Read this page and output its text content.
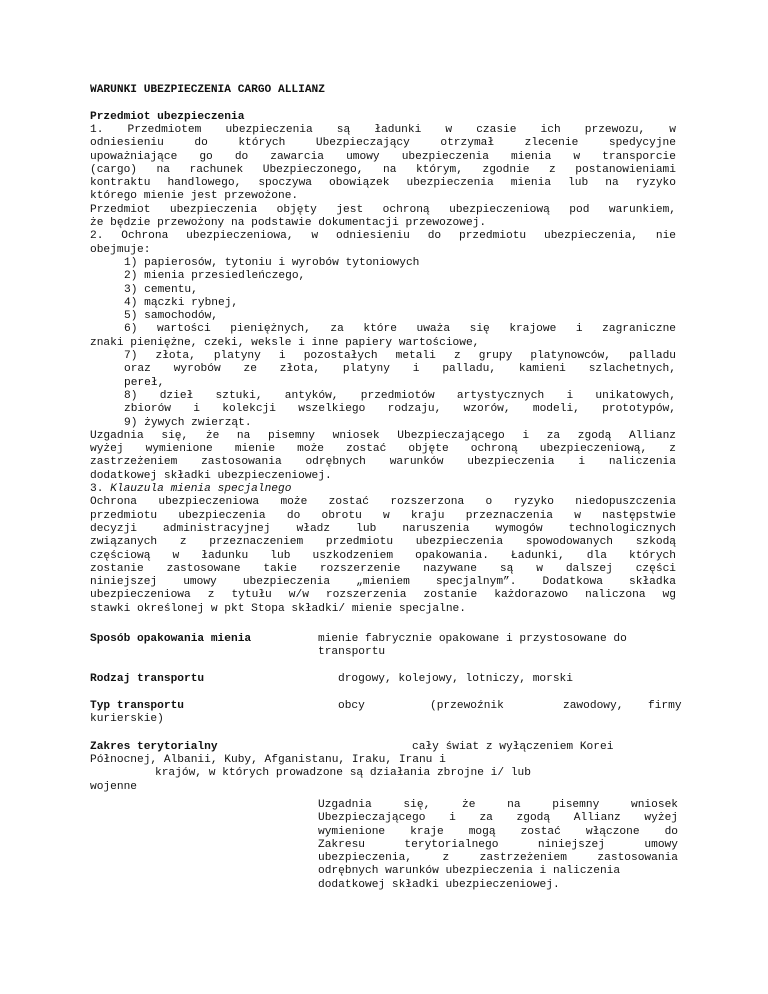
WARUNKI UBEZPIECZENIA CARGO ALLIANZ
Przedmiot ubezpieczenia
1. Przedmiotem ubezpieczenia są ładunki w czasie ich przewozu, w
odniesieniu do których Ubezpieczający otrzymał zlecenie spedycyjne
upoważniające go do zawarcia umowy ubezpieczenia mienia w transporcie
(cargo) na rachunek Ubezpieczonego, na którym, zgodnie z postanowieniami
kontraktu handlowego, spoczywa obowiązek ubezpieczenia mienia lub na ryzyko
którego mienie jest przewożone.
Przedmiot ubezpieczenia objęty jest ochroną ubezpieczeniową pod warunkiem,
że będzie przewożony na podstawie dokumentacji przewozowej.
2. Ochrona ubezpieczeniowa, w odniesieniu do przedmiotu ubezpieczenia, nie
obejmuje:
1) papierosów, tytoniu i wyrobów tytoniowych
2) mienia przesiedleńczego,
3) cementu,
4) mączki rybnej,
5) samochodów,
6) wartości pieniężnych, za które uważa się krajowe i zagraniczne
znaki pieniężne, czeki, weksle i inne papiery wartościowe,
7) złota, platyny i pozostałych metali z grupy platynowców, palladu
oraz wyrobów ze złota, platyny i palladu, kamieni szlachetnych,
pereł,
8) dzieł sztuki, antyków, przedmiotów artystycznych i unikatowych,
zbiorów i kolekcji wszelkiego rodzaju, wzorów, modeli, prototypów,
9) żywych zwierząt.
Uzgadnia się, że na pisemny wniosek Ubezpieczającego i za zgodą Allianz
wyżej wymienione mienie może zostać objęte ochroną ubezpieczeniową, z
zastrzeżeniem zastosowania odrębnych warunków ubezpieczenia i naliczenia
dodatkowej składki ubezpieczeniowej.
3. Klauzula mienia specjalnego
Ochrona ubezpieczeniowa może zostać rozszerzona o ryzyko niedopuszczenia
przedmiotu ubezpieczenia do obrotu w kraju przeznaczenia w następstwie
decyzji administracyjnej władz lub naruszenia wymogów technologicznych
związanych z przeznaczeniem przedmiotu ubezpieczenia spowodowanych szkodą
częściową w ładunku lub uszkodzeniem opakowania. Ładunki, dla których
zostanie zastosowane takie rozszerzenie nazywane są w dalszej części
niniejszej umowy ubezpieczenia „mieniem specjalnym”. Dodatkowa składka
ubezpieczeniowa z tytułu w/w rozszerzenia zostanie każdorazowo naliczona wg
stawki określonej w pkt Stopa składki/ mienie specjalne.
Sposób opakowania mienia	mienie fabrycznie opakowane i przystosowane do
transportu
Rodzaj transportu	drogowy, kolejowy, lotniczy, morski
Typ transportu	obcy	(przewoźnik	zawodowy, firmy
kurierskie)
Zakres terytorialny	cały świat z wyłączeniem Korei
Północnej, Albanii, Kuby, Afganistanu, Iraku, Iranu i
krajów, w których prowadzone są działania zbrojne i/ lub
wojenne
Uzgadnia się, że na pisemny wniosek
Ubezpieczającego i za zgodą Allianz wyżej
wymienione kraje mogą zostać włączone do
Zakresu terytorialnego niniejszej umowy
ubezpieczenia, z zastrzeżeniem zastosowania
odrębnych warunków ubezpieczenia i naliczenia
dodatkowej składki ubezpieczeniowej.
